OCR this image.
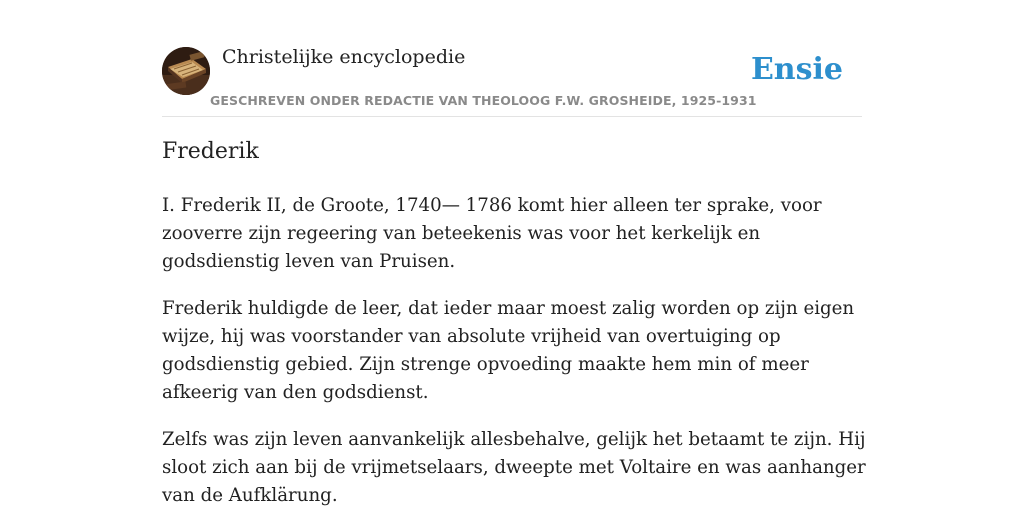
Christelijke encyclopedie
GESCHREVEN ONDER REDACTIE VAN THEOLOOG F.W. GROSHEIDE, 1925-1931
Ensie
Frederik

I. Frederik II, de Groote, 1740— 1786 komt hier alleen ter sprake, voor zooverre zijn regeering van beteekenis was voor het kerkelijk en godsdienstig leven van Pruisen.

Frederik huldigde de leer, dat ieder maar moest zalig worden op zijn eigen wijze, hij was voorstander van absolute vrijheid van overtuiging op godsdienstig gebied. Zijn strenge opvoeding maakte hem min of meer afkeerig van den godsdienst.

Zelfs was zijn leven aanvankelijk allesbehalve, gelijk het betaamt te zijn. Hij sloot zich aan bij de vrijmetselaars, dweepte met Voltaire en was aanhanger van de Aufklärung.
